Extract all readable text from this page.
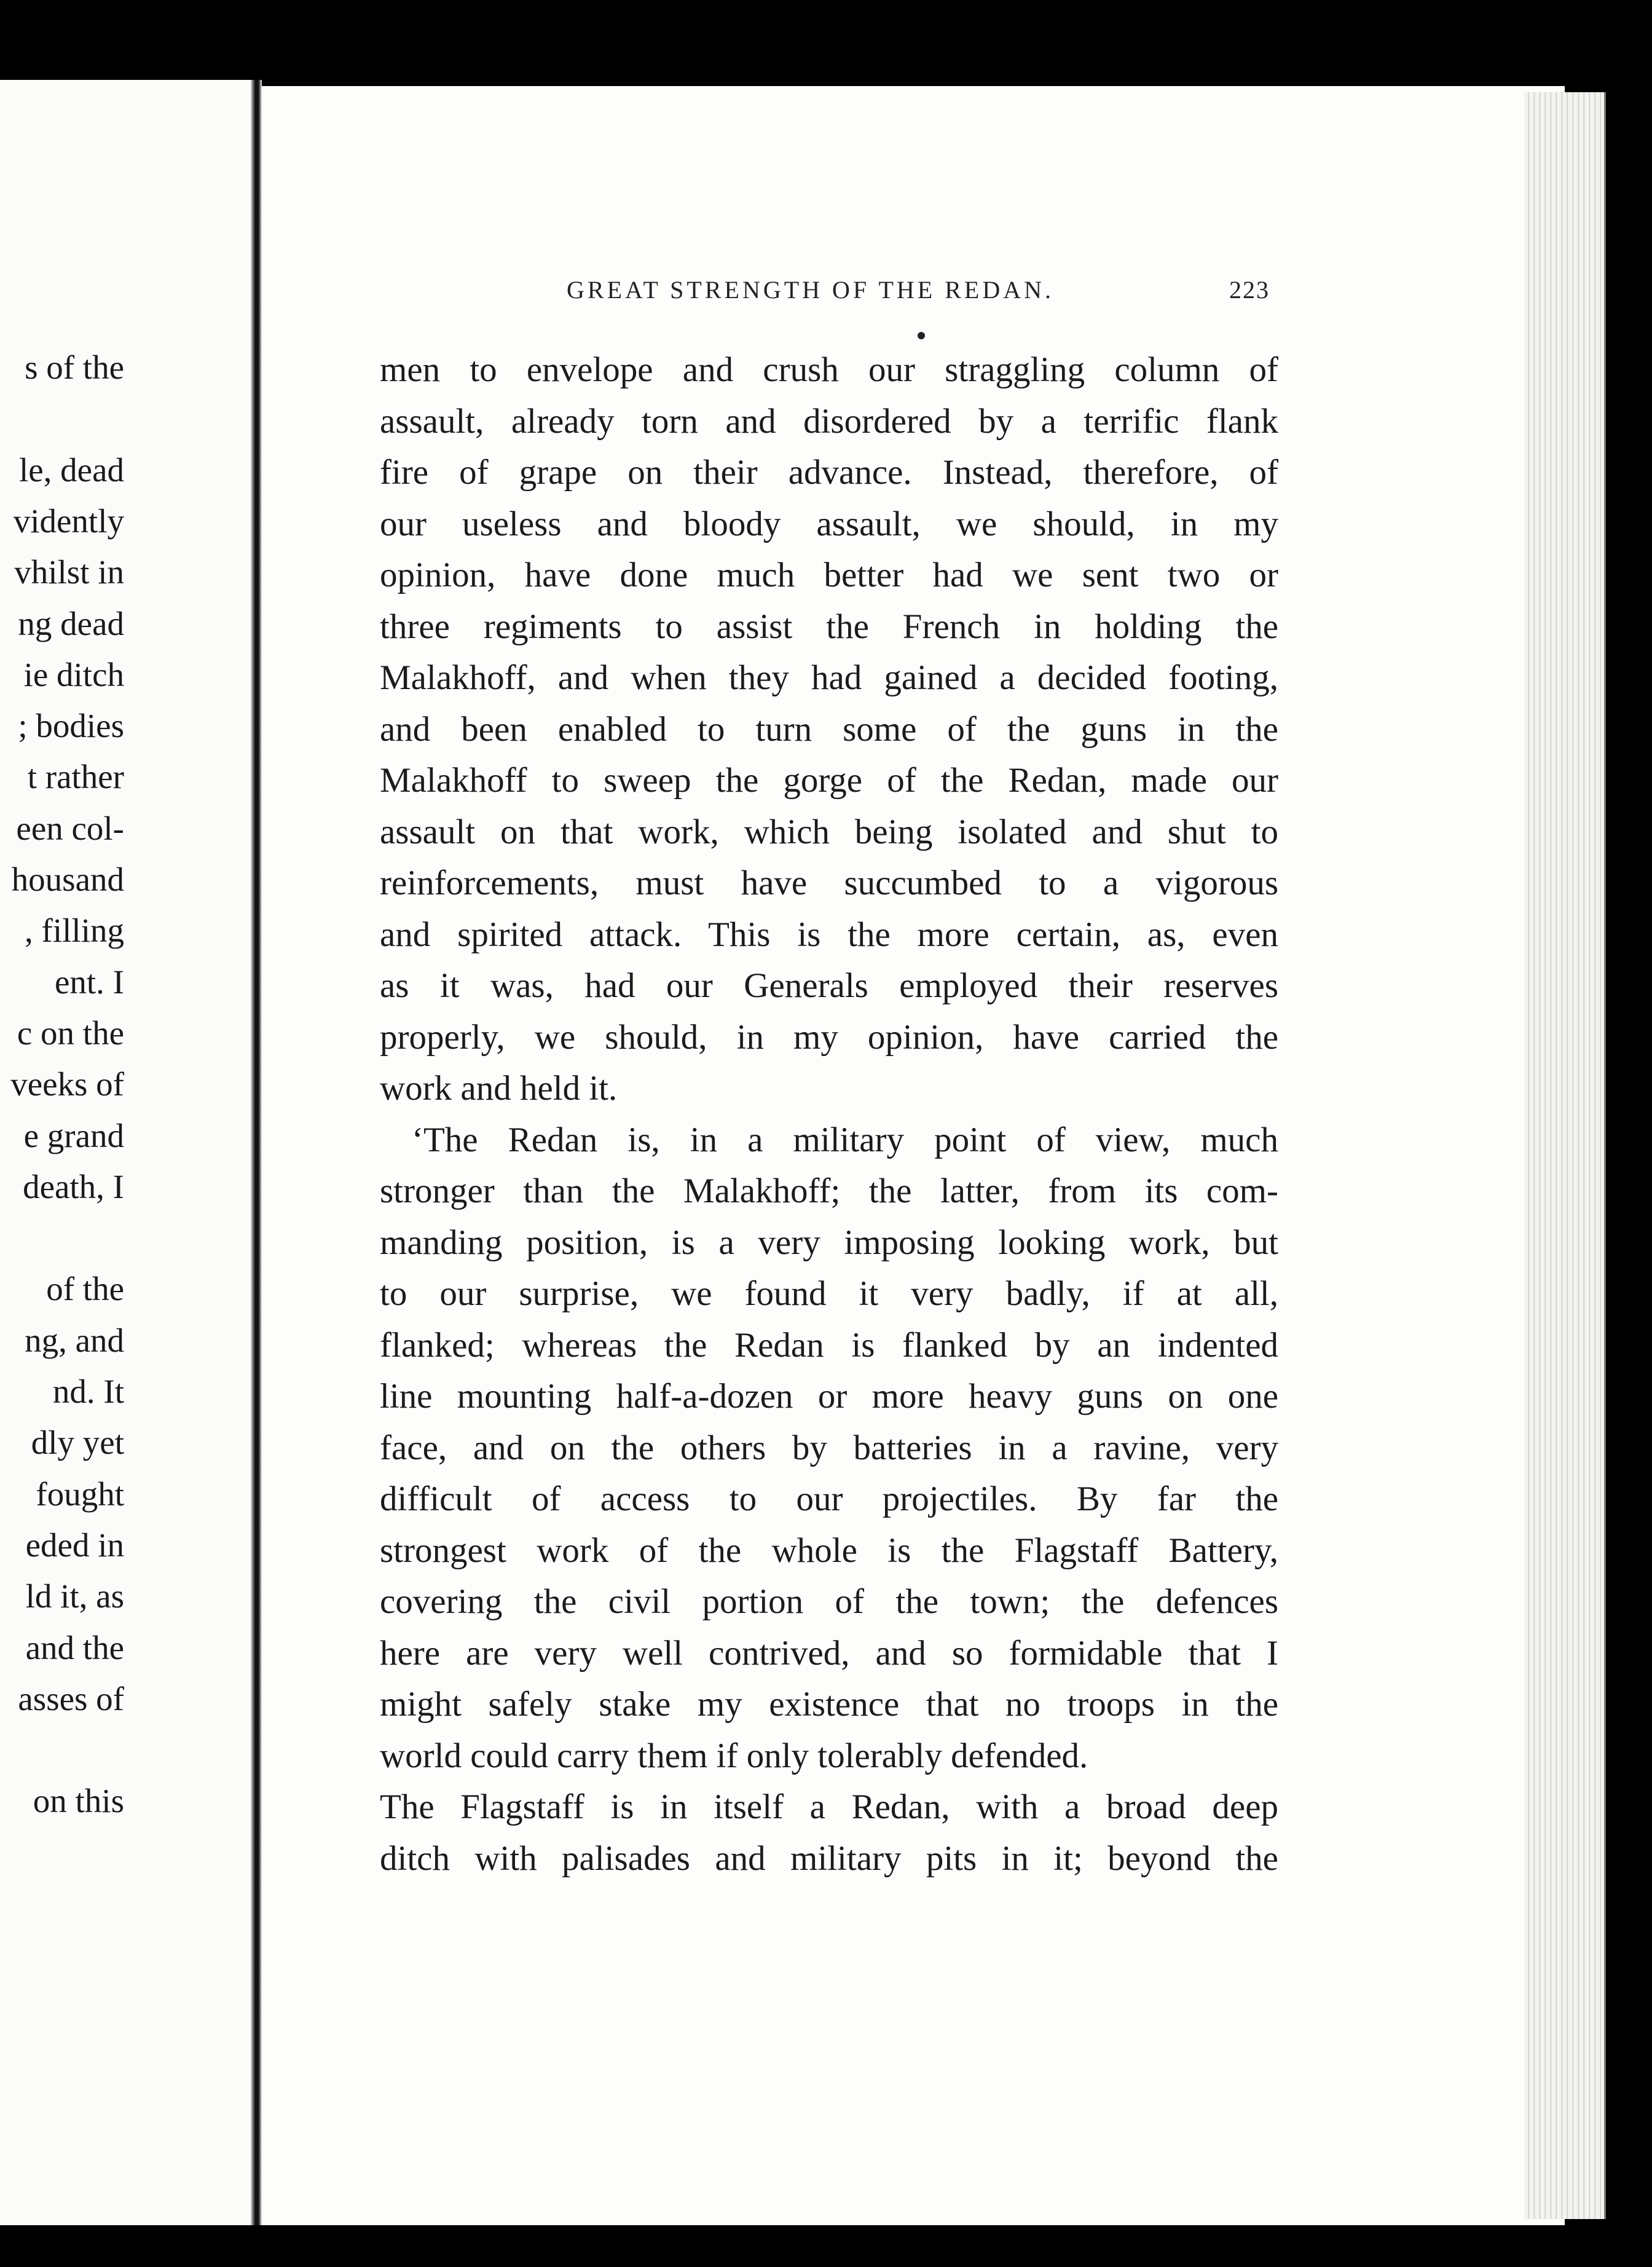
s of the
le, dead
vidently
vhilst in
ng dead
ie ditch
; bodies
t rather
een col-
housand
, filling
ent. I
c on the
veeks of
e grand
death, I
of the
ng, and
nd. It
dly yet
fought
eded in
ld it, as
and the
asses of
on this
GREAT STRENGTH OF THE REDAN.	223
men to envelope and crush our straggling column of
assault, already torn and disordered by a terrific flank
fire of grape on their advance. Instead, therefore, of
our useless and bloody assault, we should, in my
opinion, have done much better had we sent two or
three regiments to assist the French in holding the
Malakhoff, and when they had gained a decided footing,
and been enabled to turn some of the guns in the
Malakhoff to sweep the gorge of the Redan, made our
assault on that work, which being isolated and shut to
reinforcements, must have succumbed to a vigorous
and spirited attack. This is the more certain, as, even
as it was, had our Generals employed their reserves
properly, we should, in my opinion, have carried the
work and held it.
‘The Redan is, in a military point of view, much
stronger than the Malakhoff; the latter, from its com-
manding position, is a very imposing looking work, but
to our surprise, we found it very badly, if at all,
flanked; whereas the Redan is flanked by an indented
line mounting half-a-dozen or more heavy guns on one
face, and on the others by batteries in a ravine, very
difficult of access to our projectiles. By far the
strongest work of the whole is the Flagstaff Battery,
covering the civil portion of the town; the defences
here are very well contrived, and so formidable that I
might safely stake my existence that no troops in the
world could carry them if only tolerably defended.
The Flagstaff is in itself a Redan, with a broad deep
ditch with palisades and military pits in it; beyond the
